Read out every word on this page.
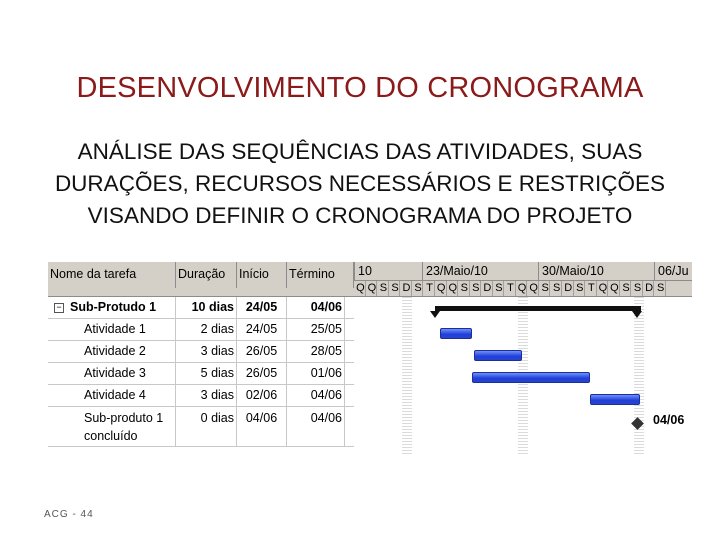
DESENVOLVIMENTO DO CRONOGRAMA
ANÁLISE DAS SEQUÊNCIAS DAS ATIVIDADES, SUAS
DURAÇÕES, RECURSOS NECESSÁRIOS E RESTRIÇÕES
VISANDO DEFINIR O CRONOGRAMA DO PROJETO
Nome da tarefa	Duração	Início	Término
− Sub-Protudo 1	10 dias 24/05	04/06
Atividade 1	2 dias 24/05	25/05
Atividade 2	3 dias 26/05	28/05
Atividade 3	5 dias 26/05	01/06
Atividade 4	3 dias 02/06	04/06
Sub-produto 1
concluído
0 dias 04/06	04/06
10	23/Maio/10	30/Maio/10	06/Ju
Q Q S S D S T Q Q S S D S T Q Q S S D S T Q Q S S D S
04/06
ACG - 44
